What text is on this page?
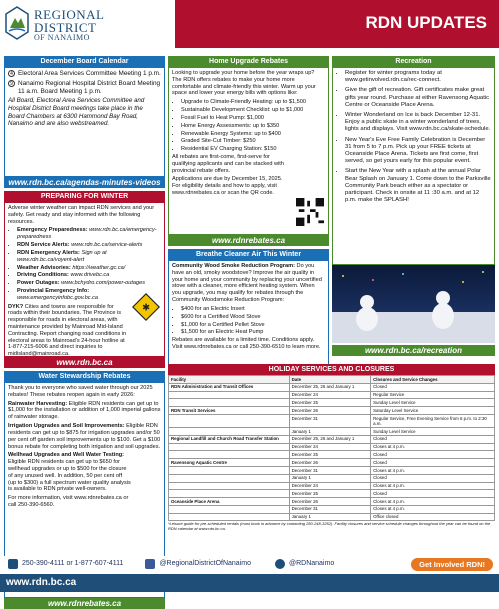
REGIONAL
DISTRICT
OF NANAIMO
RDN UPDATES
December Board Calendar
4 Electoral Area Services Committee Meeting 1 p.m.
9 Nanaimo Regional Hospital District Board Meeting 11 a.m. Board Meeting 1 p.m.
All Board, Electoral Area Services Committee and Hospital District Board meetings take place in the Board Chambers at 6300 Hammond Bay Road, Nanaimo and are also webstreamed.
www.rdn.bc.ca/agendas-minutes-videos
PREPARING FOR WINTER
Adverse winter weather can impact RDN services and your safety. Get ready and stay informed with the following resources.
• Emergency Preparedness: www.rdn.bc.ca/emergency-preparedness
• RDN Service Alerts: www.rdn.bc.ca/service-alerts
• RDN Emergency Alerts: Sign up at www.rdn.bc.ca/voyent-alert
• Weather Advisories: https://weather.gc.ca/
• Driving Conditions: www.drivebc.ca
• Power Outages: www.bchydro.com/power-outages
• Provincial Emergency Info: www.emergencyinfobc.gov.bc.ca
DYK? Cities and towns are responsible for roads within their boundaries. The Province is responsible for roads in electoral areas, with maintenance provided by Mainroad Mid-Island Contracting. Report changing road conditions in electoral areas to Mainroad's 24-hour hotline at 1-877-215-6006 and direct inquiries to midisland@mainroad.ca.
✱
www.rdn.bc.ca
Water Stewardship Rebates
Thank you to everyone who saved water through our 2025 rebates! These rebates reopen again in early 2026:
Rainwater Harvesting: Eligible RDN residents can get up to $1,000 for the installation or addition of 1,000 imperial gallons of rainwater storage.
Irrigation Upgrades and Soil Improvements: Eligible RDN residents can get up to $875 for irrigation upgrades and/or 50 per cent off garden soil improvements up to $100. Get a $100 bonus rebate for completing both irrigation and soil upgrades.
Wellhead Upgrades and Well Water Testing: Eligible RDN residents can get up to $650 for wellhead upgrades or up to $500 for the closure of any unused well. In addition, 50 per cent off (up to $300) a full spectrum water quality analysis is available to RDN private well-owners.
For more information, visit www.rdnrebates.ca or call 250-390-6560.
www.rdnrebates.ca
Home Upgrade Rebates
Looking to upgrade your home before the year wraps up? The RDN offers rebates to make your home more comfortable and climate-friendly this winter. Warm up your space and lower your energy bills with options like:
• Upgrade to Climate-Friendly Heating: up to $1,500
• Sustainable Development Checklist: up to $1,000
• Fossil Fuel to Heat Pump: $1,000
• Home Energy Assessments: up to $350
• Renewable Energy Systems: up to $400
• Graded Site-Cut Timber: $250
• Residential EV Charging Station: $150
All rebates are first-come, first-serve for qualifying applicants and can be stacked with provincial rebate offers.
Applications are due by December 15, 2025. For eligibility details and how to apply, visit www.rdnrebates.ca or scan the QR code.
www.rdnrebates.ca
Breathe Cleaner Air This Winter
Community Wood Smoke Reduction Program: Do you have an old, smoky woodstove? Improve the air quality in your home and your community by replacing your uncertified stove with a cleaner, more efficient heating system. When you upgrade, you may qualify for rebates through the Community Woodsmoke Reduction Program:
• $400 for an Electric Insert
• $600 for a Certified Wood Stove
• $1,000 for a Certified Pellet Stove
• $1,500 for an Electric Heat Pump
Rebates are available for a limited time. Conditions apply. Visit www.rdnrebates.ca or call 250-390-6510 to learn more.
Recreation
• Register for winter programs today at www.getinvolved.rdn.ca/rec-connect.
• Give the gift of recreation. Gift certificates make great gifts year round. Purchase at either Ravensong Aquatic Centre or Oceanside Place Arena.
• Winter Wonderland on Ice is back December 12-31. Enjoy a public skate in a winter wonderland of trees, lights and displays. Visit www.rdn.bc.ca/skate-schedule.
• New Year's Eve Free Family Celebration is December 31 from 5 to 7 p.m. Pick up your FREE tickets at Oceanside Place Arena. Tickets are first come, first served, so get yours early for this popular event.
• Start the New Year with a splash at the annual Polar Bear Splash on January 1. Come down to the Parksville Community Park beach either as a spectator or participant. Check in onsite at 11 :30 a.m. and at 12 p.m. make the SPLASH!
www.rdn.bc.ca/recreation
HOLIDAY SERVICES AND CLOSURES
Facility	Date	Closures and Service Changes
RDN Administration and Transit Offices	December 25, 26 and January 1	Closed
	December 24	Regular Service
	December 25	Sunday Level Service
RDN Transit Services	December 26	Saturday Level Service
	December 31	Regular Service, Free Evening Service from 6 p.m. to 2:30 a.m.
	January 1	Sunday Level Service
Regional Landfill and Church Road Transfer Station	December 25, 26 and January 1	Closed
	December 24	Closes at 4 p.m.
	December 25	Closed
Ravensong Aquatic Centre	December 26	Closed
	December 31	Closes at 4 p.m.
	January 1	Closed
	December 24	Closes at 4 p.m.
	December 25	Closed
Oceanside Place Arena	December 26	Closes at 4 p.m.
	December 31	Closes at 4 p.m.
	January 1	Office closed
*Leisure guide for pre-scheduled rentals (must book in advance by contacting 250-248-3252). Facility closures and service schedule changes throughout the year can be found on the RDN calendar at www.rdn.bc.ca.
250-390-4111 or 1-877-607-4111	@RegionalDistrictOfNanaimo	@RDNanaimo	Get Involved RDN!
www.rdn.bc.ca
